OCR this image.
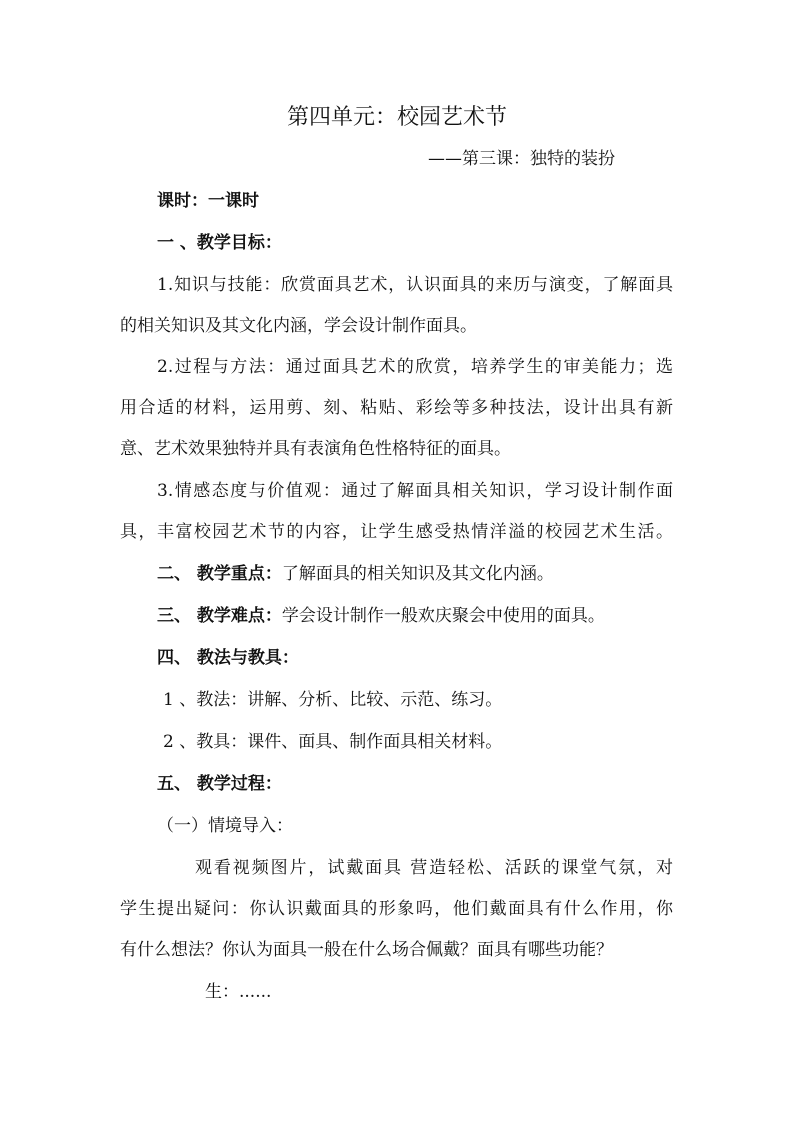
第四单元：校园艺术节
——第三课：独特的装扮
课时：一课时
一 、教学目标：
1.知识与技能：欣赏面具艺术，认识面具的来历与演变，了解面具
的相关知识及其文化内涵，学会设计制作面具。
2.过程与方法：通过面具艺术的欣赏，培养学生的审美能力；选
用合适的材料，运用剪、刻、粘贴、彩绘等多种技法，设计出具有新
意、艺术效果独特并具有表演角色性格特征的面具。
3.情感态度与价值观：通过了解面具相关知识，学习设计制作面
具，丰富校园艺术节的内容，让学生感受热情洋溢的校园艺术生活。
二、 教学重点：了解面具的相关知识及其文化内涵。
三、 教学难点：学会设计制作一般欢庆聚会中使用的面具。
四、 教法与教具：
1 、教法：讲解、分析、比较、示范、练习。
2 、教具：课件、面具、制作面具相关材料。
五、 教学过程：
（一）情境导入：
观看视频图片，试戴面具 营造轻松、活跃的课堂气氛，对
学生提出疑问：你认识戴面具的形象吗，他们戴面具有什么作用，你
有什么想法？你认为面具一般在什么场合佩戴？面具有哪些功能？
生：......
